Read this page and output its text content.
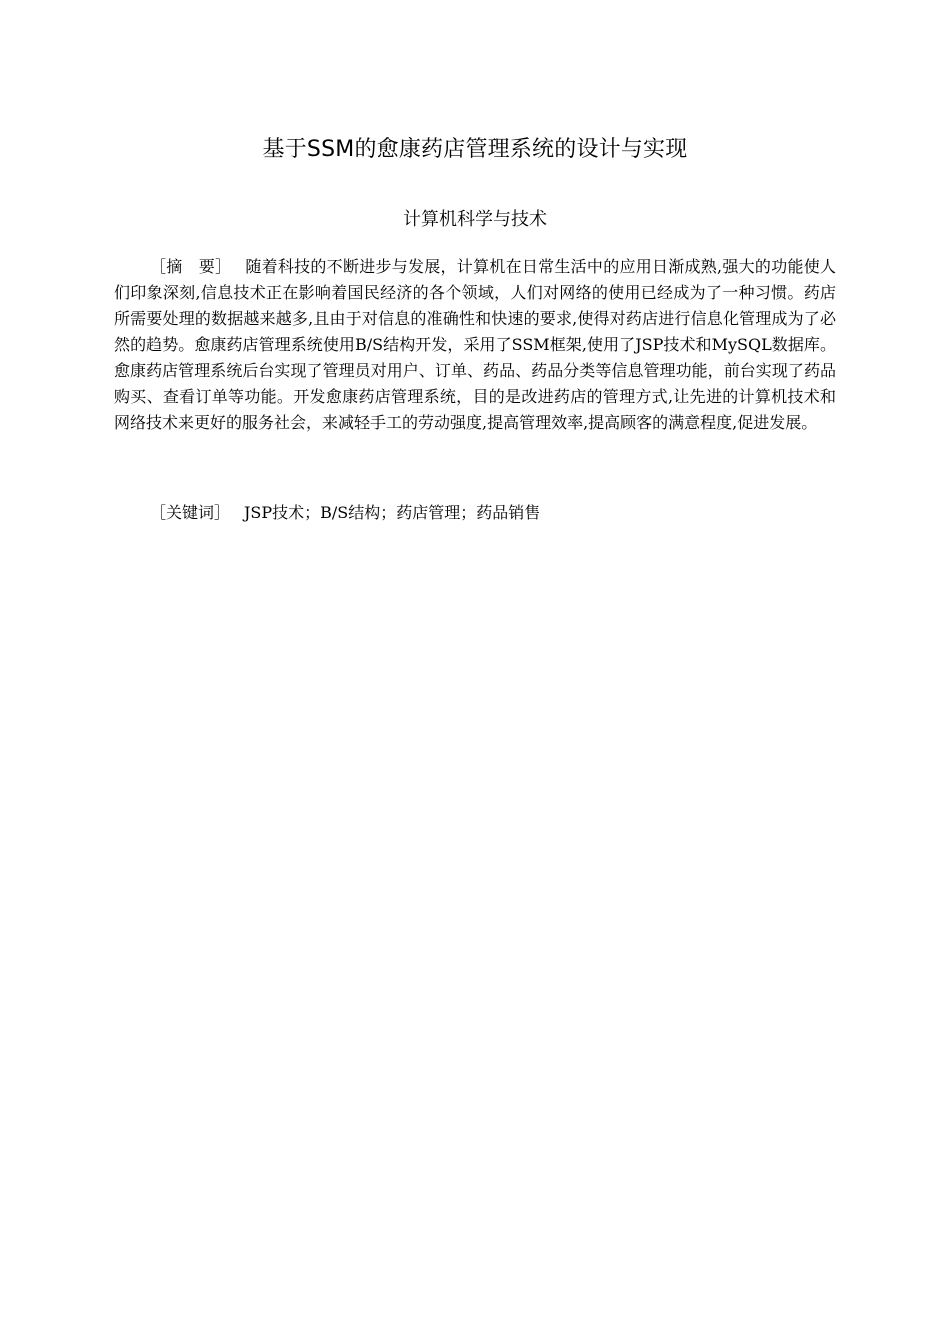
基于SSM的愈康药店管理系统的设计与实现
计算机科学与技术
［摘　要］ 随着科技的不断进步与发展，计算机在日常生活中的应用日渐成熟,强大的功能使人们印象深刻,信息技术正在影响着国民经济的各个领域，人们对网络的使用已经成为了一种习惯。药店所需要处理的数据越来越多,且由于对信息的准确性和快速的要求,使得对药店进行信息化管理成为了必然的趋势。愈康药店管理系统使用B/S结构开发，采用了SSM框架,使用了JSP技术和MySQL数据库。愈康药店管理系统后台实现了管理员对用户、订单、药品、药品分类等信息管理功能，前台实现了药品购买、查看订单等功能。开发愈康药店管理系统，目的是改进药店的管理方式,让先进的计算机技术和网络技术来更好的服务社会，来减轻手工的劳动强度,提高管理效率,提高顾客的满意程度,促进发展。
［关键词］ JSP技术；B/S结构；药店管理；药品销售
